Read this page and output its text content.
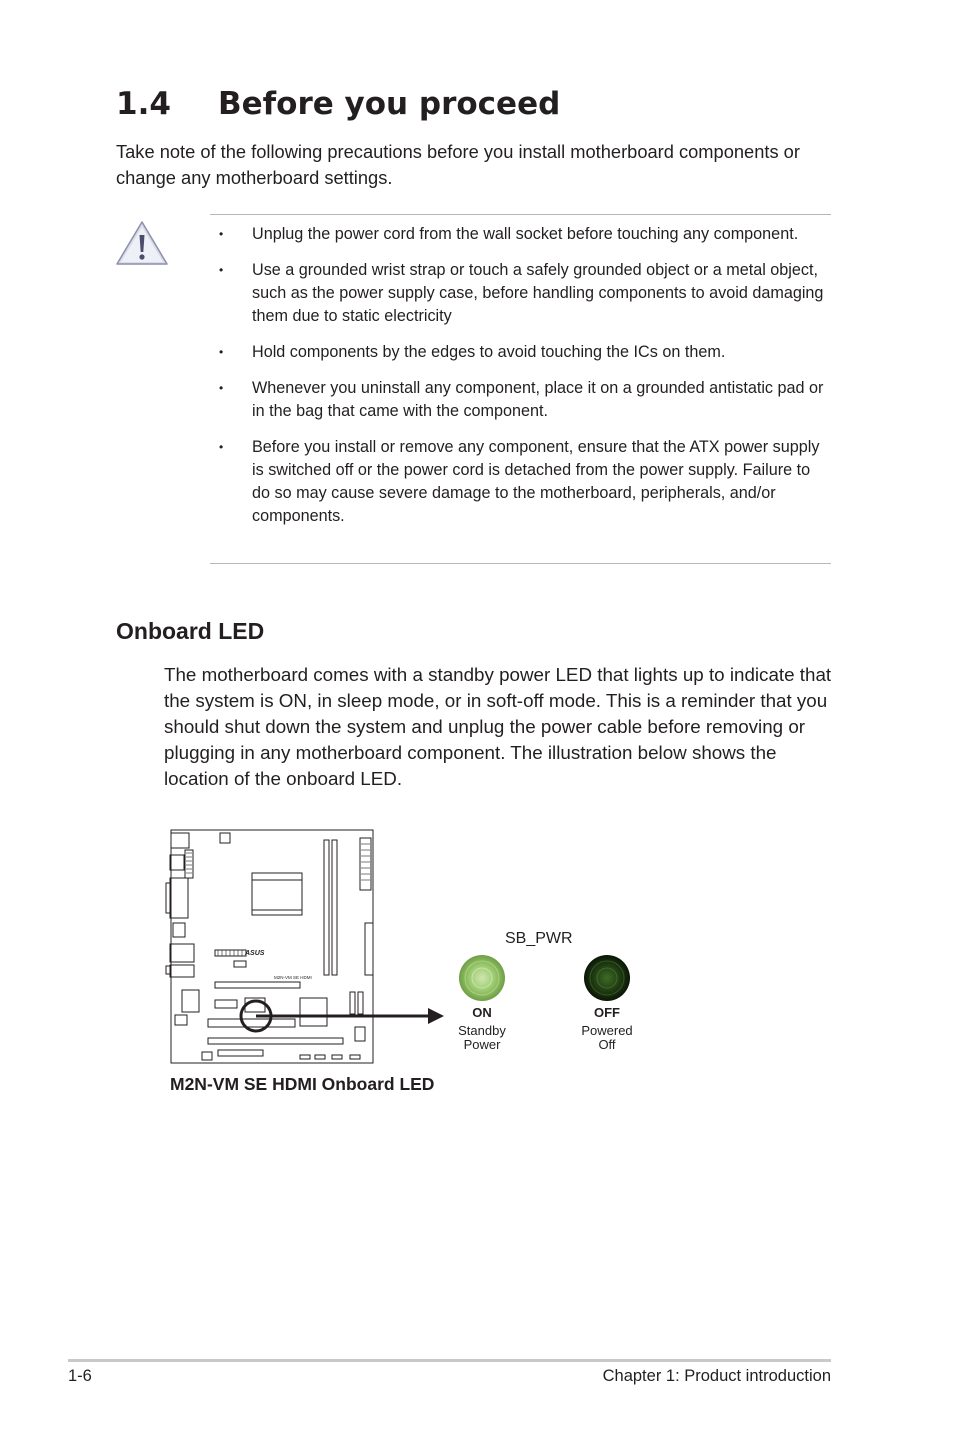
1.4 Before you proceed

Take note of the following precautions before you install motherboard components or change any motherboard settings.

• Unplug the power cord from the wall socket before touching any component.
• Use a grounded wrist strap or touch a safely grounded object or a metal object, such as the power supply case, before handling components to avoid damaging them due to static electricity
• Hold components by the edges to avoid touching the ICs on them.
• Whenever you uninstall any component, place it on a grounded antistatic pad or in the bag that came with the component.
• Before you install or remove any component, ensure that the ATX power supply is switched off or the power cord is detached from the power supply. Failure to do so may cause severe damage to the motherboard, peripherals, and/or components.
Onboard LED

The motherboard comes with a standby power LED that lights up to indicate that the system is ON, in sleep mode, or in soft-off mode. This is a reminder that you should shut down the system and unplug the power cable before removing or plugging in any motherboard component. The illustration below shows the location of the onboard LED.

ASUS
M2N-VM SE HDMI
SB_PWR
ON
Standby
Power
OFF
Powered
Off
M2N-VM SE HDMI Onboard LED
1-6	Chapter 1: Product introduction
